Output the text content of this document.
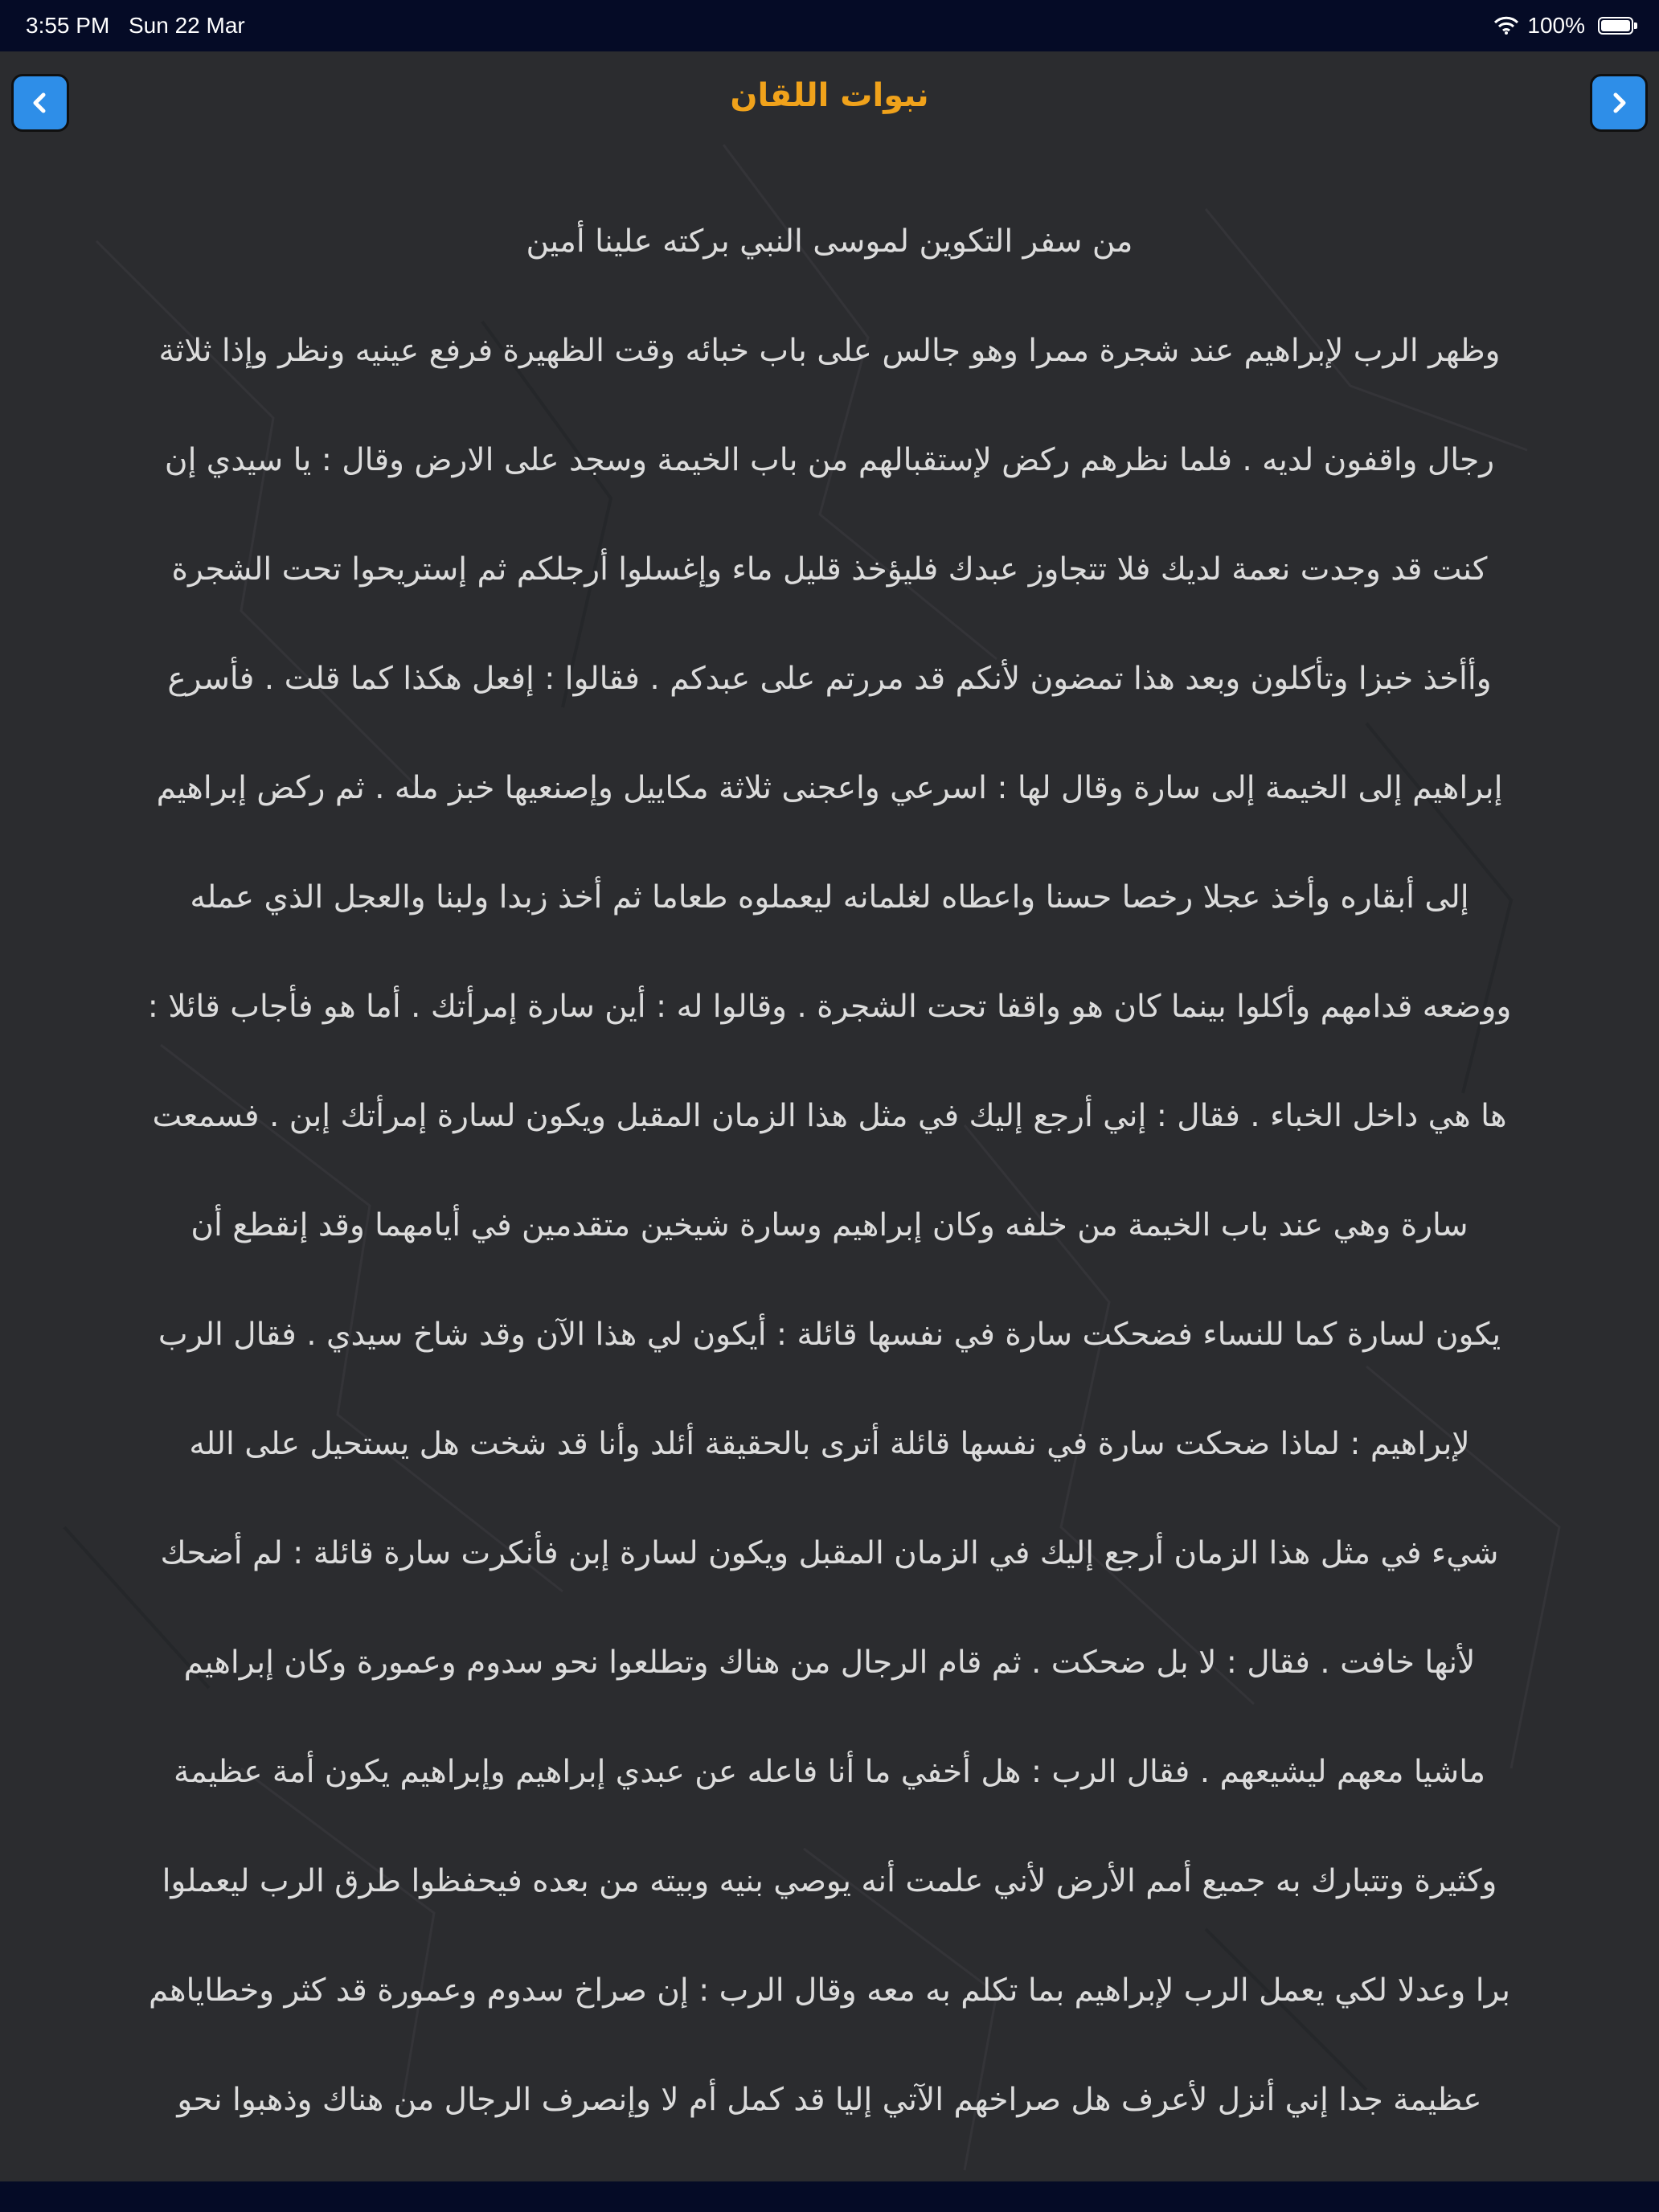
3:55 PM Sun 22 Mar	100%
نبوات اللقان
من سفر التكوين لموسى النبي بركته علينا أمين
وظهر الرب لإبراهيم عند شجرة ممرا وهو جالس على باب خبائه وقت الظهيرة فرفع عينيه ونظر وإذا ثلاثة
رجال واقفون لديه . فلما نظرهم ركض لإستقبالهم من باب الخيمة وسجد على الارض وقال : يا سيدي إن
كنت قد وجدت نعمة لديك فلا تتجاوز عبدك فليؤخذ قليل ماء وإغسلوا أرجلكم ثم إستريحوا تحت الشجرة
وأأخذ خبزا وتأكلون وبعد هذا تمضون لأنكم قد مررتم على عبدكم . فقالوا : إفعل هكذا كما قلت . فأسرع
إبراهيم إلى الخيمة إلى سارة وقال لها : اسرعي واعجنى ثلاثة مكاييل وإصنعيها خبز مله . ثم ركض إبراهيم
إلى أبقاره وأخذ عجلا رخصا حسنا واعطاه لغلمانه ليعملوه طعاما ثم أخذ زبدا ولبنا والعجل الذي عمله
ووضعه قدامهم وأكلوا بينما كان هو واقفا تحت الشجرة . وقالوا له : أين سارة إمرأتك . أما هو فأجاب قائلا :
ها هي داخل الخباء . فقال : إني أرجع إليك في مثل هذا الزمان المقبل ويكون لسارة إمرأتك إبن . فسمعت
سارة وهي عند باب الخيمة من خلفه وكان إبراهيم وسارة شيخين متقدمين في أيامهما وقد إنقطع أن
يكون لسارة كما للنساء فضحكت سارة في نفسها قائلة : أيكون لي هذا الآن وقد شاخ سيدي . فقال الرب
لإبراهيم : لماذا ضحكت سارة في نفسها قائلة أترى بالحقيقة أئلد وأنا قد شخت هل يستحيل على الله
شيء في مثل هذا الزمان أرجع إليك في الزمان المقبل ويكون لسارة إبن فأنكرت سارة قائلة : لم أضحك
لأنها خافت . فقال : لا بل ضحكت . ثم قام الرجال من هناك وتطلعوا نحو سدوم وعمورة وكان إبراهيم
ماشيا معهم ليشيعهم . فقال الرب : هل أخفي ما أنا فاعله عن عبدي إبراهيم وإبراهيم يكون أمة عظيمة
وكثيرة وتتبارك به جميع أمم الأرض لأني علمت أنه يوصي بنيه وبيته من بعده فيحفظوا طرق الرب ليعملوا
برا وعدلا لكي يعمل الرب لإبراهيم بما تكلم به معه وقال الرب : إن صراخ سدوم وعمورة قد كثر وخطاياهم
عظيمة جدا إني أنزل لأعرف هل صراخهم الآتي إليا قد كمل أم لا وإنصرف الرجال من هناك وذهبوا نحو
